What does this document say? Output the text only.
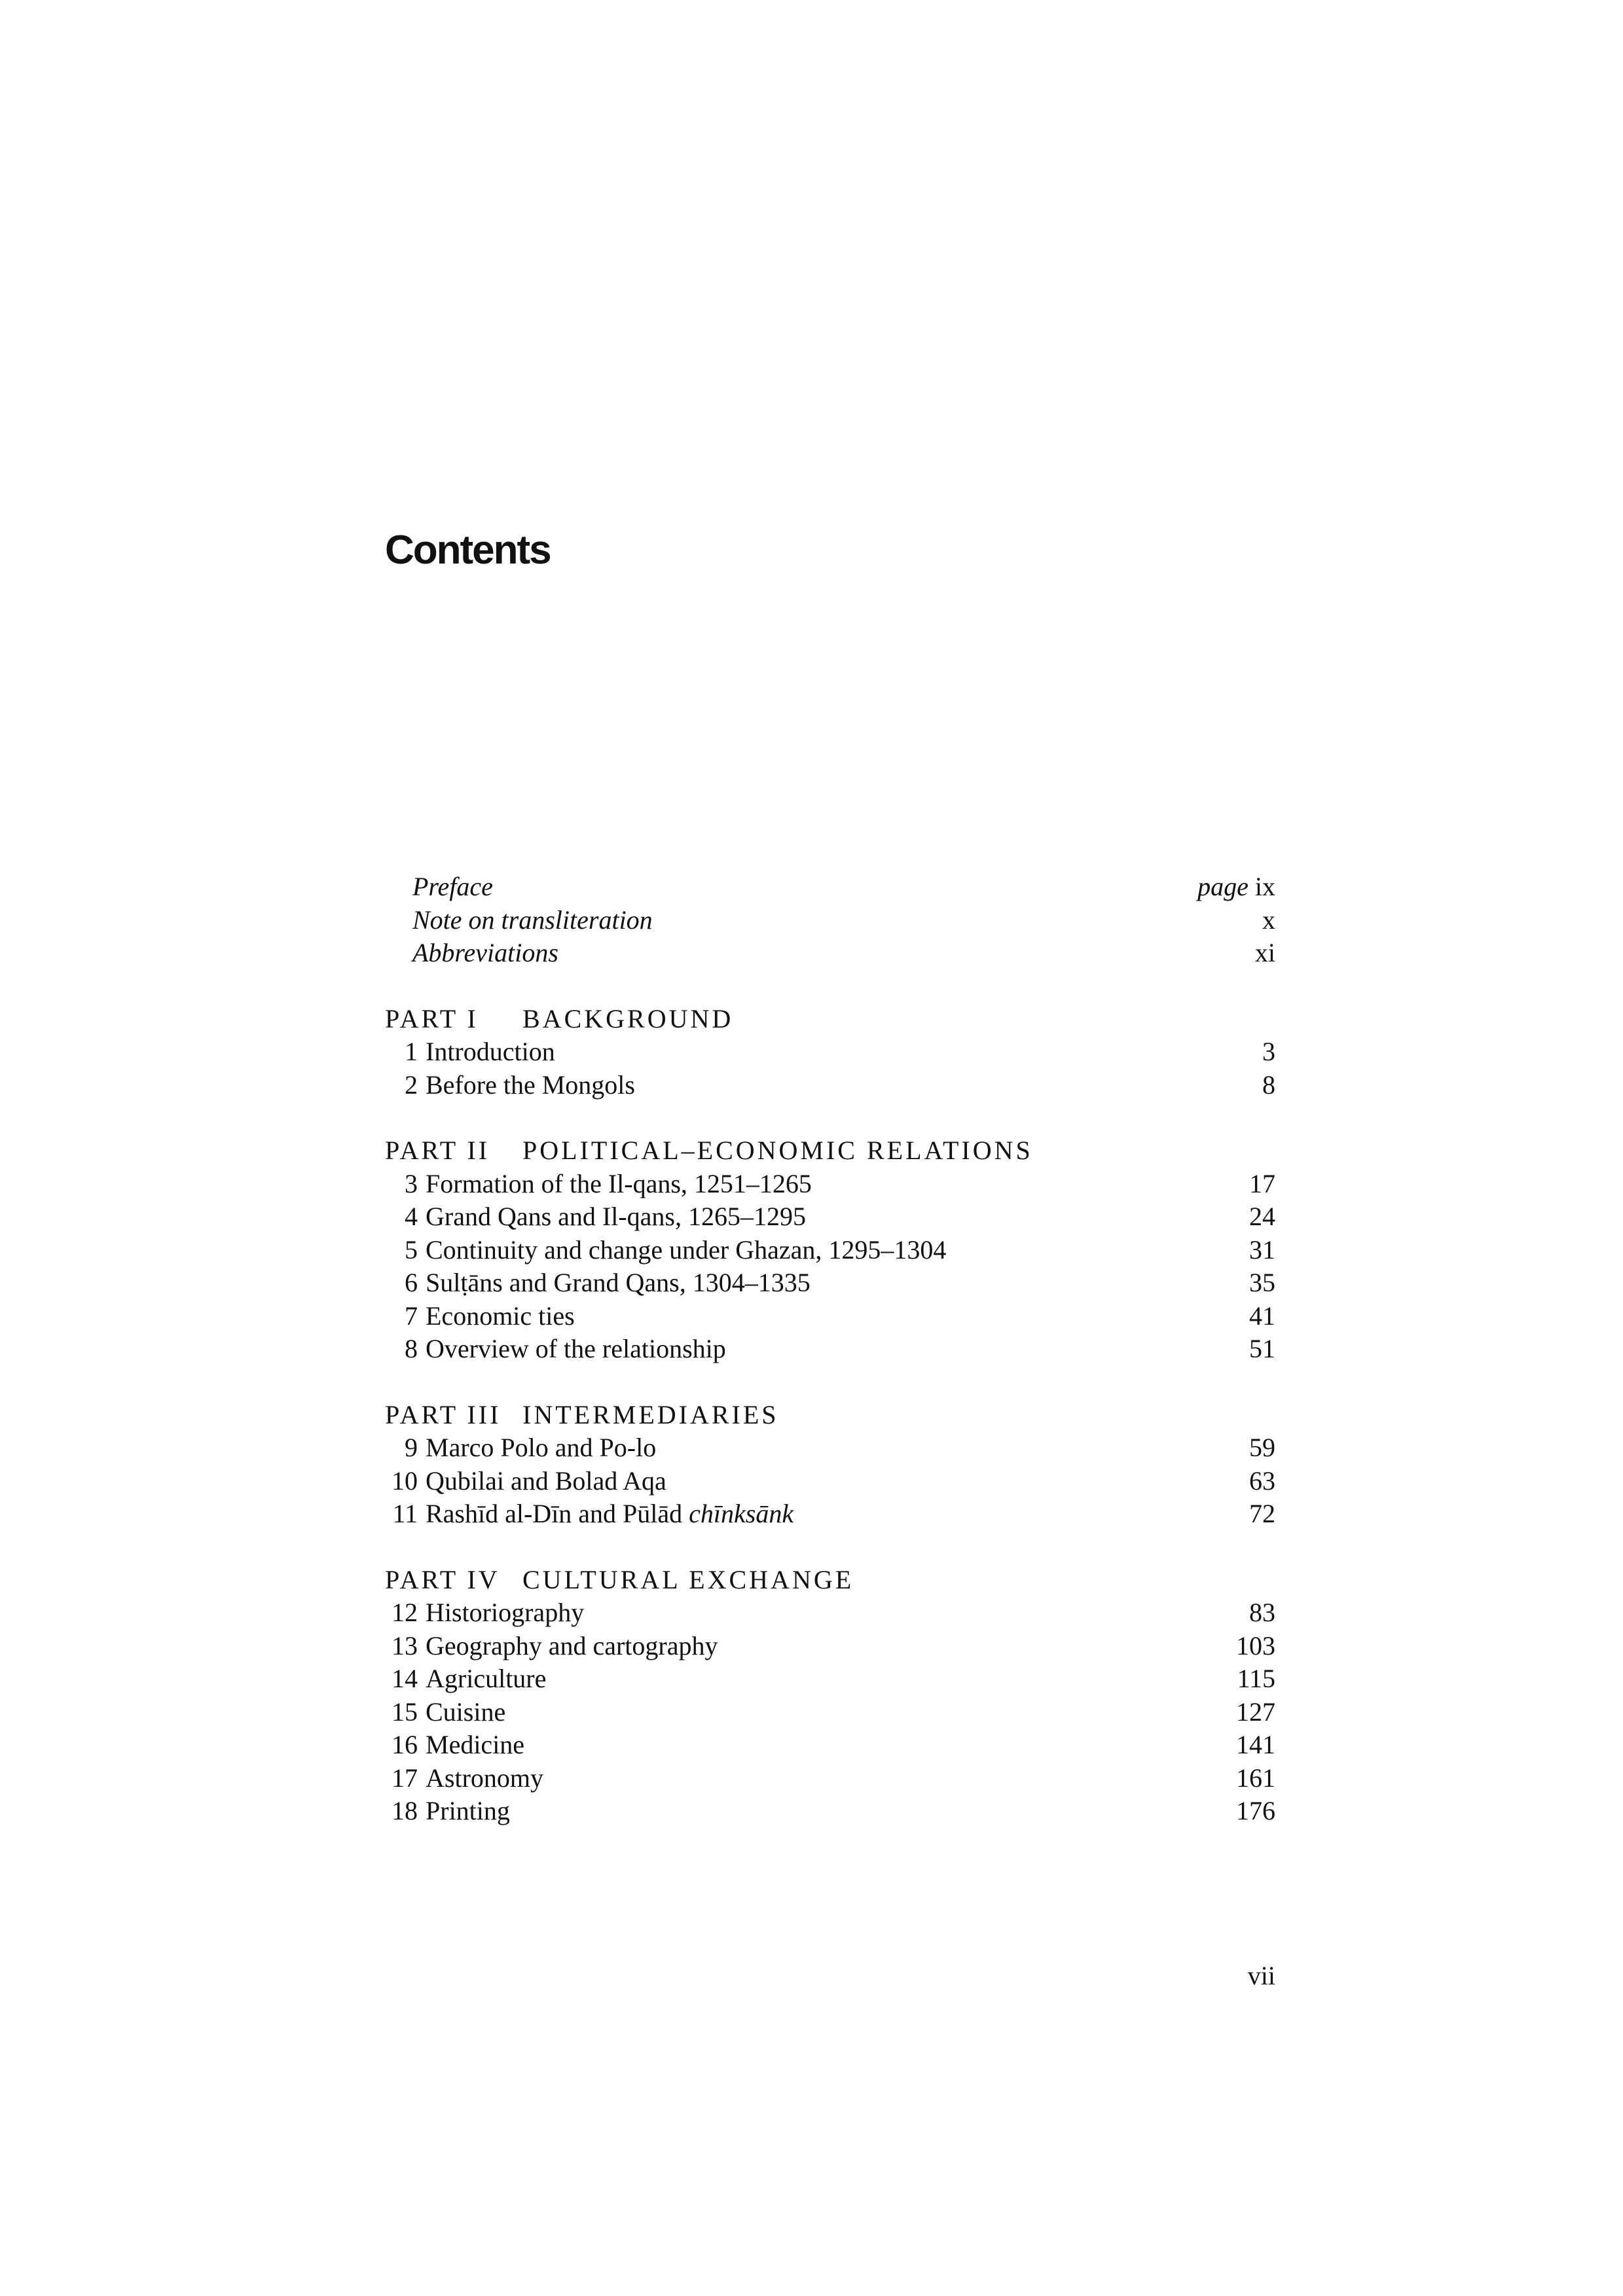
Contents
Preface	page ix
Note on transliteration	x
Abbreviations	xi
PART I BACKGROUND
1 Introduction	3
2 Before the Mongols	8
PART II POLITICAL–ECONOMIC RELATIONS
3 Formation of the Il-qans, 1251–1265	17
4 Grand Qans and Il-qans, 1265–1295	24
5 Continuity and change under Ghazan, 1295–1304	31
6 Sulṭāns and Grand Qans, 1304–1335	35
7 Economic ties	41
8 Overview of the relationship	51
PART III INTERMEDIARIES
9 Marco Polo and Po-lo	59
10 Qubilai and Bolad Aqa	63
11 Rashīd al-Dīn and Pūlād chīnksānk	72
PART IV CULTURAL EXCHANGE
12 Historiography	83
13 Geography and cartography	103
14 Agriculture	115
15 Cuisine	127
16 Medicine	141
17 Astronomy	161
18 Printing	176
vii
